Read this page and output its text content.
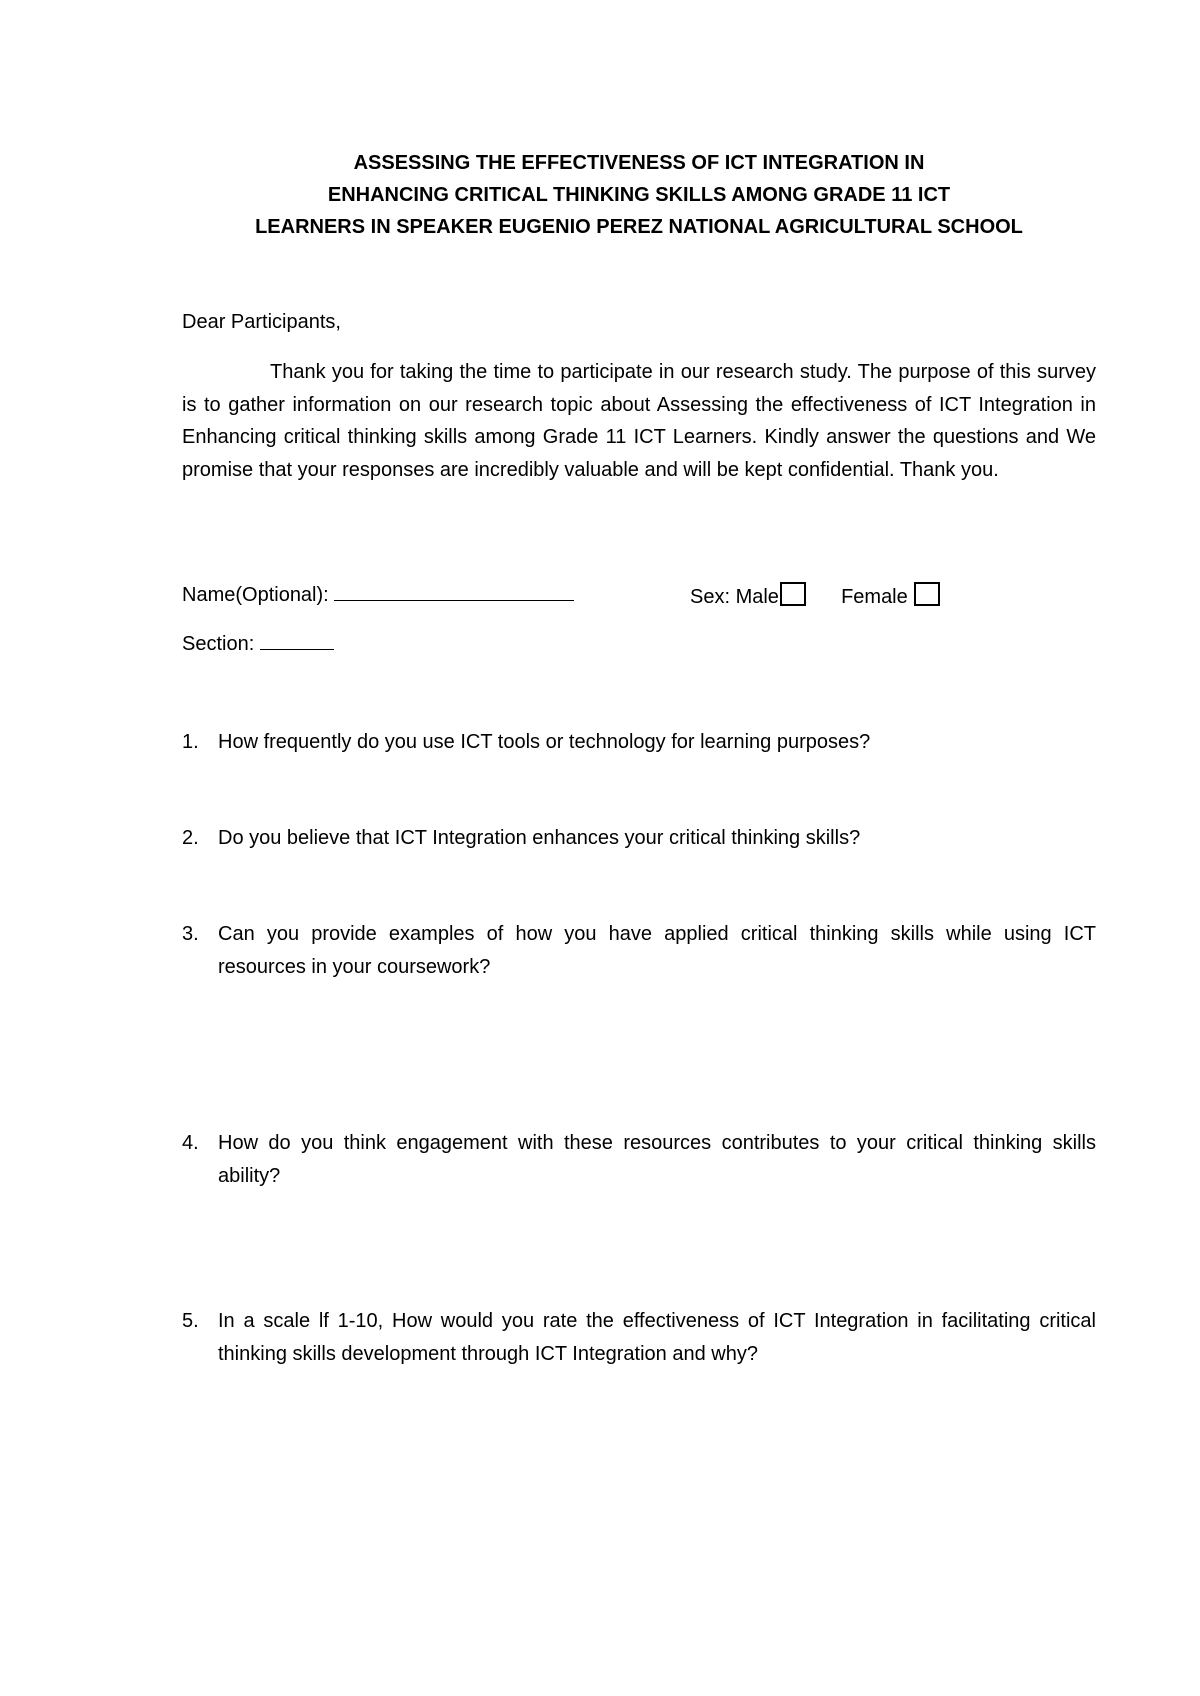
ASSESSING THE EFFECTIVENESS OF ICT INTEGRATION IN
ENHANCING CRITICAL THINKING SKILLS AMONG GRADE 11 ICT
LEARNERS IN SPEAKER EUGENIO PEREZ NATIONAL AGRICULTURAL SCHOOL
Dear Participants,

Thank you for taking the time to participate in our research study. The purpose of this survey is to gather information on our research topic about Assessing the effectiveness of ICT Integration in Enhancing critical thinking skills among Grade 11 ICT Learners. Kindly answer the questions and We promise that your responses are incredibly valuable and will be kept confidential. Thank you.

Name(Optional):	Sex: Male	Female
Section:
1. How frequently do you use ICT tools or technology for learning purposes?
2. Do you believe that ICT Integration enhances your critical thinking skills?
3. Can you provide examples of how you have applied critical thinking skills while using ICT resources in your coursework?
4. How do you think engagement with these resources contributes to your critical thinking skills ability?
5. In a scale lf 1-10, How would you rate the effectiveness of ICT Integration in facilitating critical thinking skills development through ICT Integration and why?
